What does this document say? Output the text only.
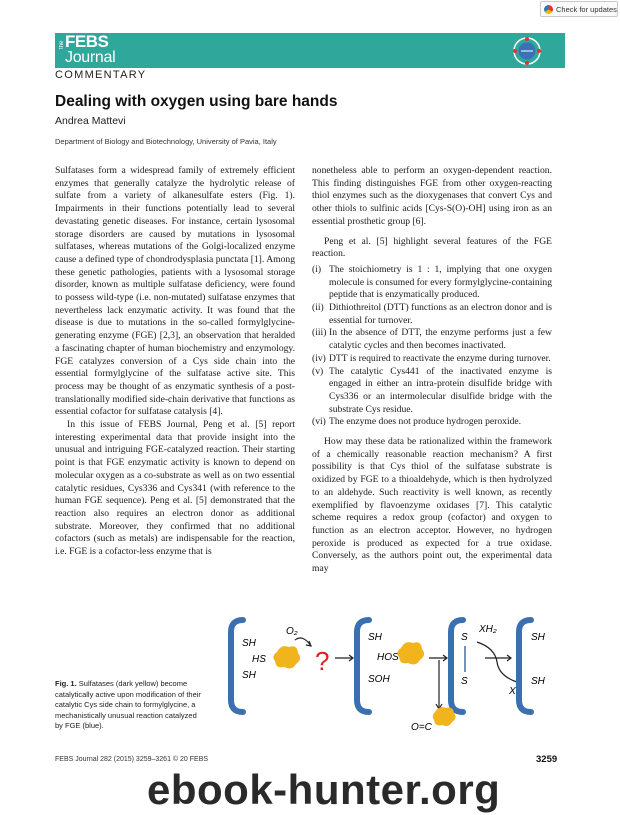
Check for updates
the FEBS
Journal
COMMENTARY
Dealing with oxygen using bare hands
Andrea Mattevi
Department of Biology and Biotechnology, University of Pavia, Italy

Sulfatases form a widespread family of extremely efficient enzymes that generally catalyze the hydrolytic release of sulfate from a variety of alkanesulfate esters (Fig. 1). Impairments in their functions potentially lead to several devastating genetic diseases. For instance, certain lysosomal storage disorders are caused by mutations in lysosomal sulfatases, whereas mutations of the Golgi-localized enzyme cause a defined type of chondrodysplasia punctata [1]. Among these genetic pathologies, patients with a lysosomal storage disorder, known as multiple sulfatase deficiency, were found to possess wild-type (i.e. non-mutated) sulfatase enzymes that nevertheless lack enzymatic activity. It was found that the disease is due to mutations in the so-called formylglycine-generating enzyme (FGE) [2,3], an observation that heralded a fascinating chapter of human biochemistry and enzymology. FGE catalyzes conversion of a Cys side chain into the essential formylglycine of the sulfatase active site. This process may be thought of as enzymatic synthesis of a post-translationally modified side-chain derivative that functions as essential cofactor for sulfatase catalysis [4].

In this issue of FEBS Journal, Peng et al. [5] report interesting experimental data that provide insight into the unusual and intriguing FGE-catalyzed reaction. Their starting point is that FGE enzymatic activity is known to depend on molecular oxygen as a co-substrate as well as on two essential catalytic residues, Cys336 and Cys341 (with reference to the human FGE sequence). Peng et al. [5] demonstrated that the reaction also requires an electron donor as additional substrate. Moreover, they confirmed that no additional cofactors (such as metals) are indispensable for the reaction, i.e. FGE is a cofactor-less enzyme that is

nonetheless able to perform an oxygen-dependent reaction. This finding distinguishes FGE from other oxygen-reacting thiol enzymes such as the dioxygenases that convert Cys and other thiols to sulfinic acids [Cys-S(O)-OH] using iron as an essential prosthetic group [6].

Peng et al. [5] highlight several features of the FGE reaction.

(i) The stoichiometry is 1 : 1, implying that one oxygen molecule is consumed for every formylglycine-containing peptide that is enzymatically produced.
(ii) Dithiothreitol (DTT) functions as an electron donor and is essential for turnover.
(iii) In the absence of DTT, the enzyme performs just a few catalytic cycles and then becomes inactivated.
(iv) DTT is required to reactivate the enzyme during turnover.
(v) The catalytic Cys441 of the inactivated enzyme is engaged in either an intra-protein disulfide bridge with Cys336 or an intermolecular disulfide bridge with the substrate Cys residue.
(vi) The enzyme does not produce hydrogen peroxide.

How may these data be rationalized within the framework of a chemically reasonable reaction mechanism? A first possibility is that Cys thiol of the sulfatase substrate is oxidized by FGE to a thioaldehyde, which is then hydrolyzed to an aldehyde. Such reactivity is well known, as recently exemplified by flavoenzyme oxidases [7]. This catalytic scheme requires a redox group (cofactor) and oxygen to function as an electron acceptor. However, no hydrogen peroxide is produced as expected for a true oxidase. Conversely, as the authors point out, the experimental data may

Fig. 1. Sulfatases (dark yellow) become catalytically active upon modification of their catalytic Cys side chain to formylglycine, a mechanistically unusual reaction catalyzed by FGE (blue).
SH
HS
SH
O₂
?
SH
HOS
SOH
S
S
O=C
XH₂
X
SH
SH
FEBS Journal 282 (2015) 3259–3261 © 20 FEBS	3259
ebook-hunter.org
